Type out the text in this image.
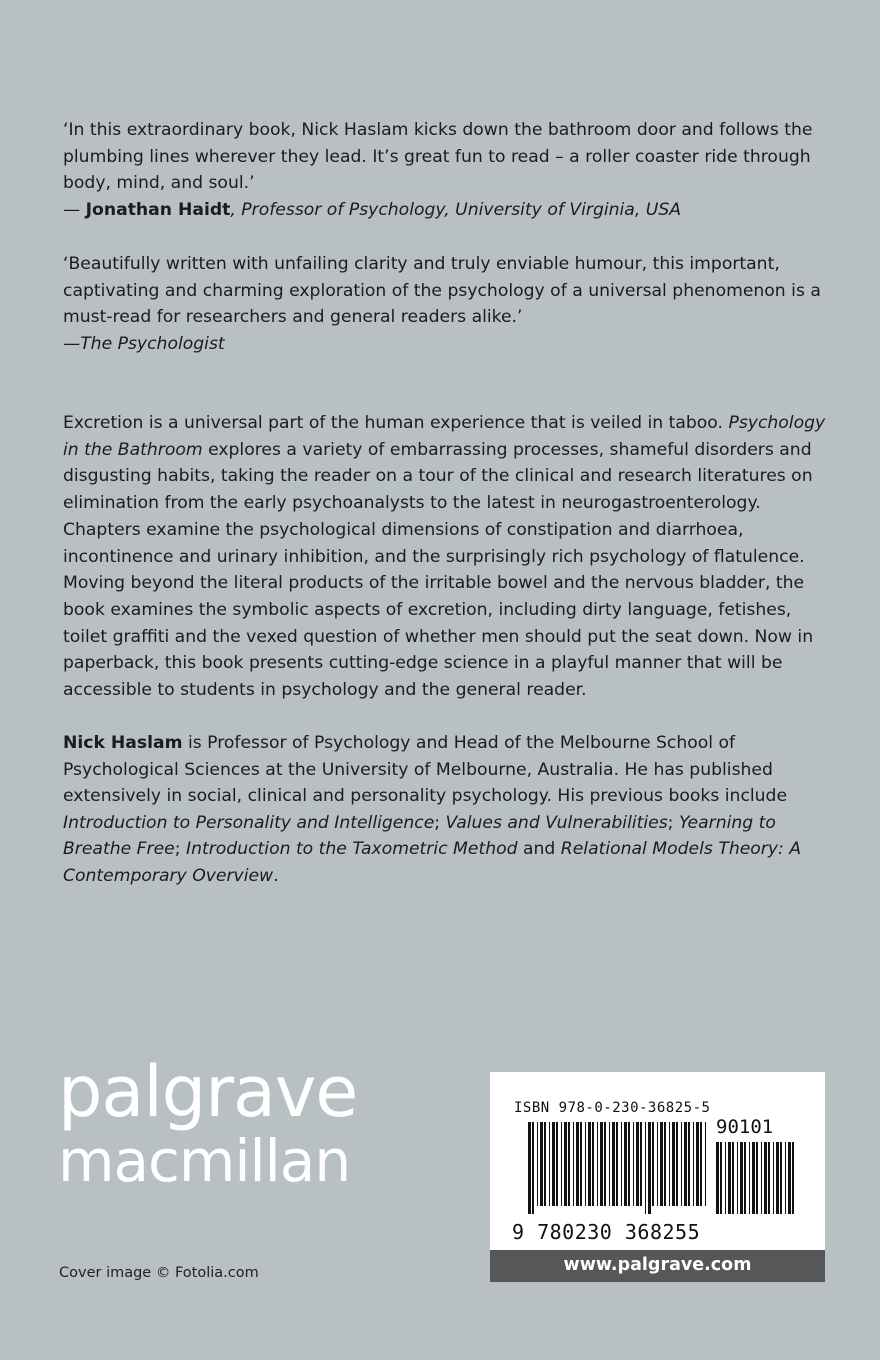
‘In this extraordinary book, Nick Haslam kicks down the bathroom door and follows the plumbing lines wherever they lead. It’s great fun to read – a roller coaster ride through body, mind, and soul.’
— Jonathan Haidt, Professor of Psychology, University of Virginia, USA

‘Beautifully written with unfailing clarity and truly enviable humour, this important, captivating and charming exploration of the psychology of a universal phenomenon is a must-read for researchers and general readers alike.’
—The Psychologist

Excretion is a universal part of the human experience that is veiled in taboo. Psychology in the Bathroom explores a variety of embarrassing processes, shameful disorders and disgusting habits, taking the reader on a tour of the clinical and research literatures on elimination from the early psychoanalysts to the latest in neurogastroenterology. Chapters examine the psychological dimensions of constipation and diarrhoea, incontinence and urinary inhibition, and the surprisingly rich psychology of flatulence. Moving beyond the literal products of the irritable bowel and the nervous bladder, the book examines the symbolic aspects of excretion, including dirty language, fetishes, toilet graffiti and the vexed question of whether men should put the seat down. Now in paperback, this book presents cutting-edge science in a playful manner that will be accessible to students in psychology and the general reader.

Nick Haslam is Professor of Psychology and Head of the Melbourne School of Psychological Sciences at the University of Melbourne, Australia. He has published extensively in social, clinical and personality psychology. His previous books include Introduction to Personality and Intelligence; Values and Vulnerabilities; Yearning to Breathe Free; Introduction to the Taxometric Method and Relational Models Theory: A Contemporary Overview.

palgrave
macmillan
Cover image © Fotolia.com
ISBN 978-0-230-36825-5
90101
9 780230 368255
www.palgrave.com
